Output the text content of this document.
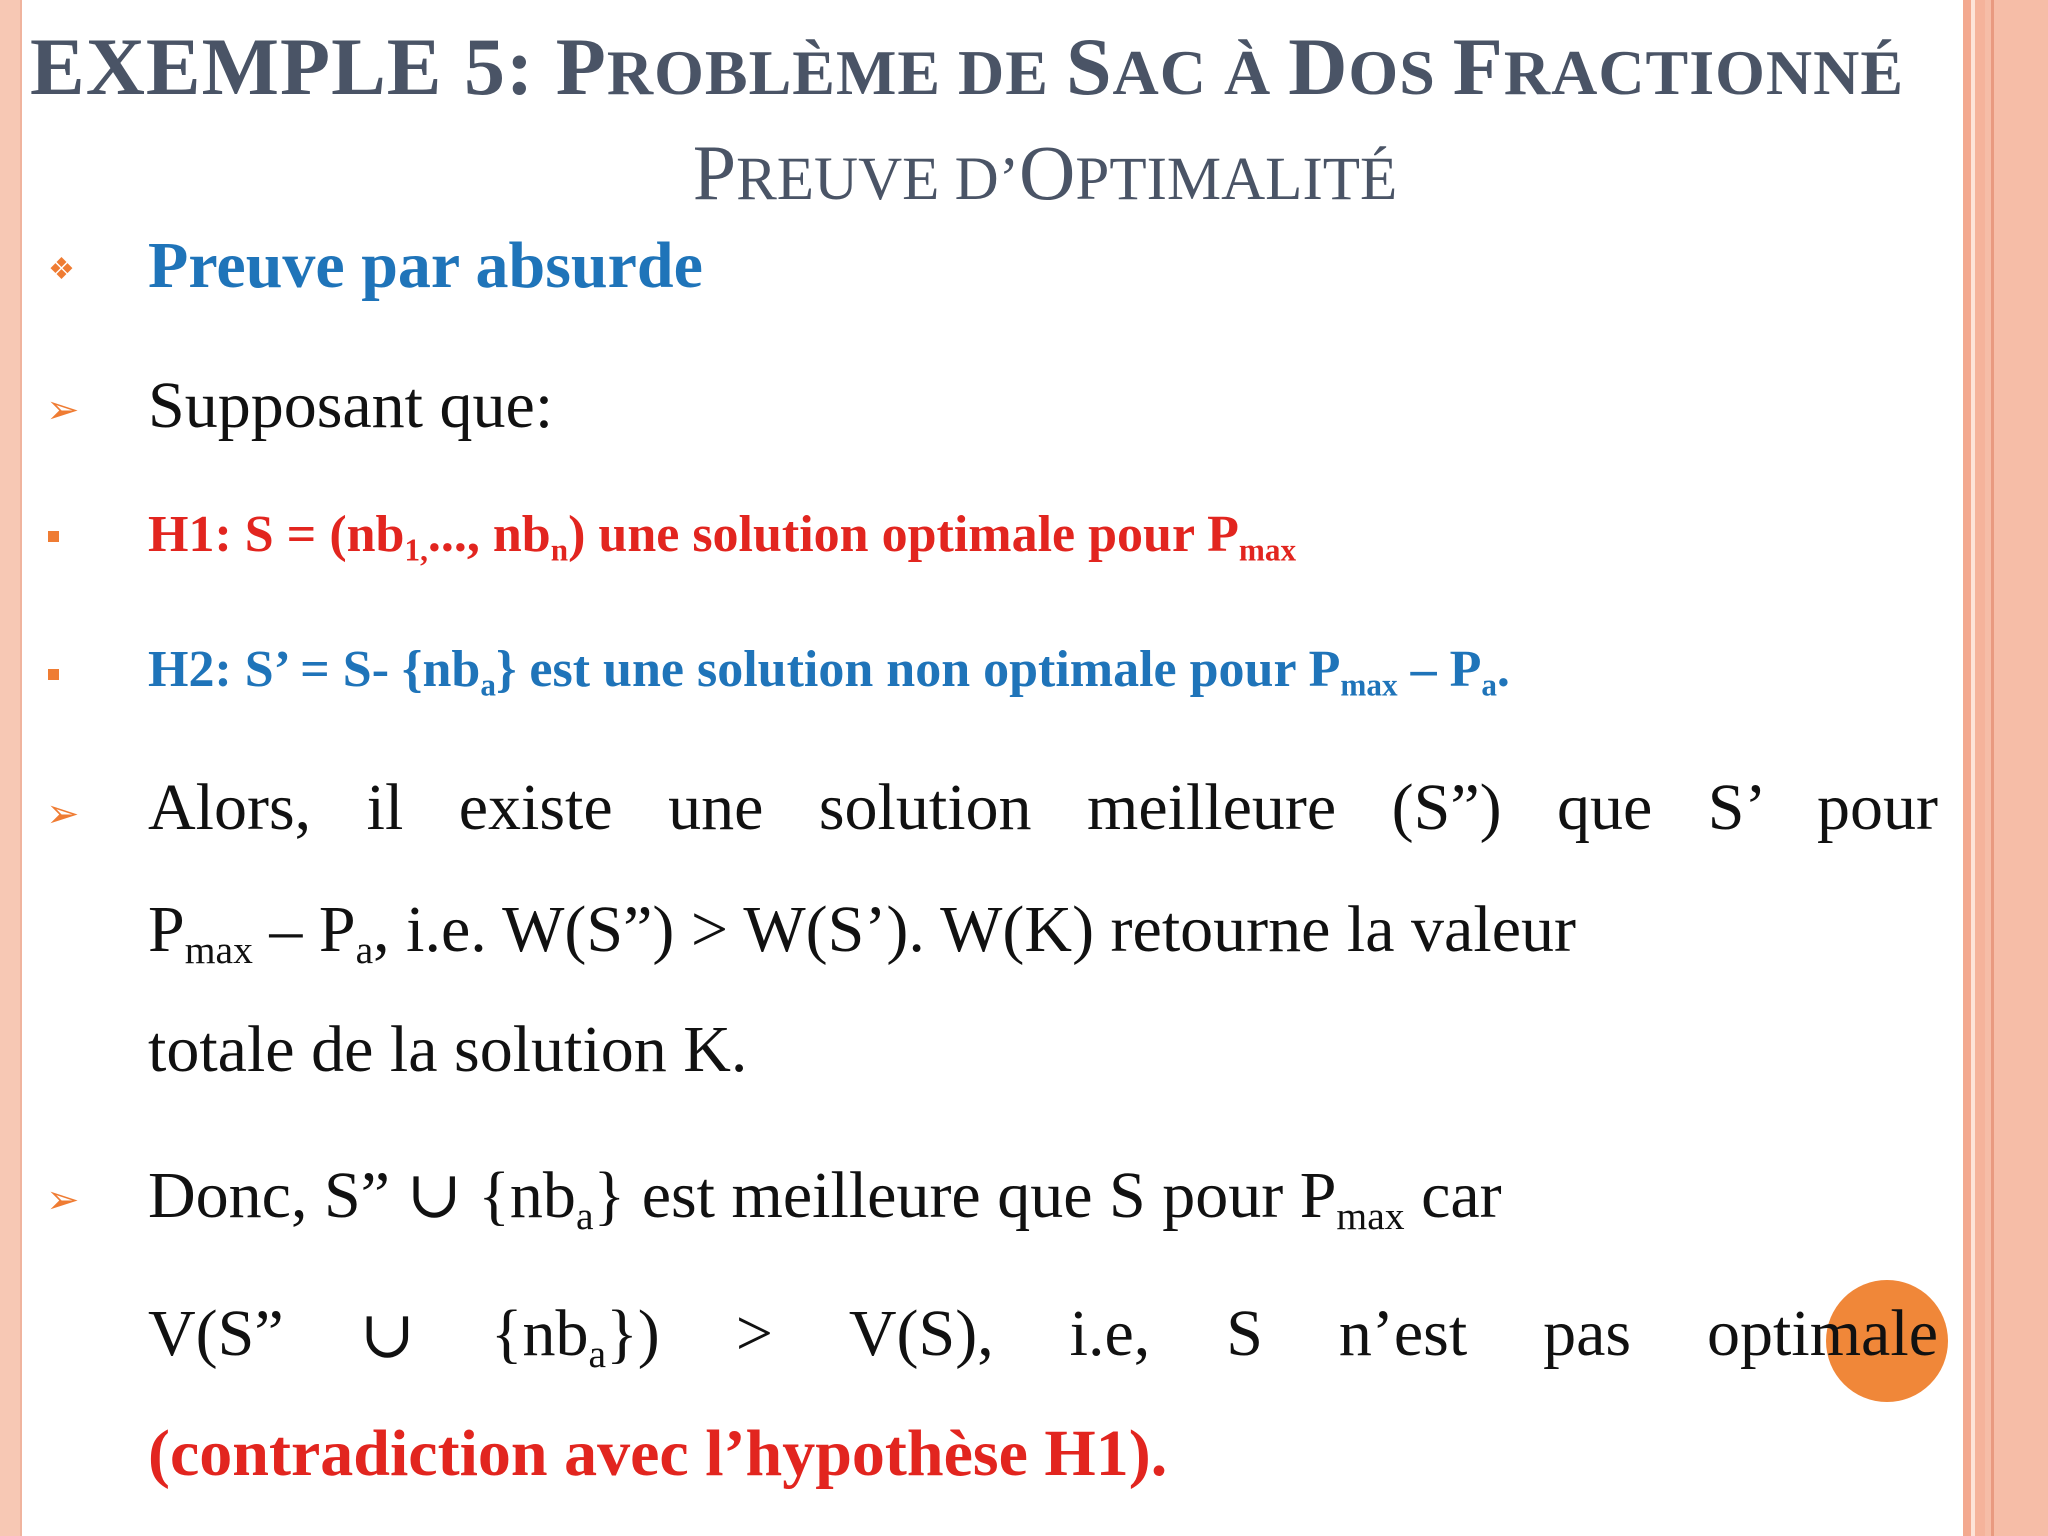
EXEMPLE 5: PROBLÈME DE SAC À DOS FRACTIONNÉ
PREUVE D’OPTIMALITÉ
❖ Preuve par absurde
➢ Supposant que:
H1: $S = (nb_{1,}$..., $nb_n$) une solution optimale pour $P_{max}$
H2: S’ = S- $\{nb_a\}$ est une solution non optimale pour $P_{max} - P_a$.
➢ Alors, il existe une solution meilleure (S”) que S’ pour
$P_{max} - P_a$, i.e. W(S”) > W(S’). W(K) retourne la valeur
totale de la solution K.
➢ Donc, S” ∪ $\{nb_a\}$ est meilleure que S pour $P_{max}$ car
V(S” ∪ $\{nb_a\}) > V(S)$, i.e, S n’est pas optimale
(contradiction avec l’hypothèse H1).
